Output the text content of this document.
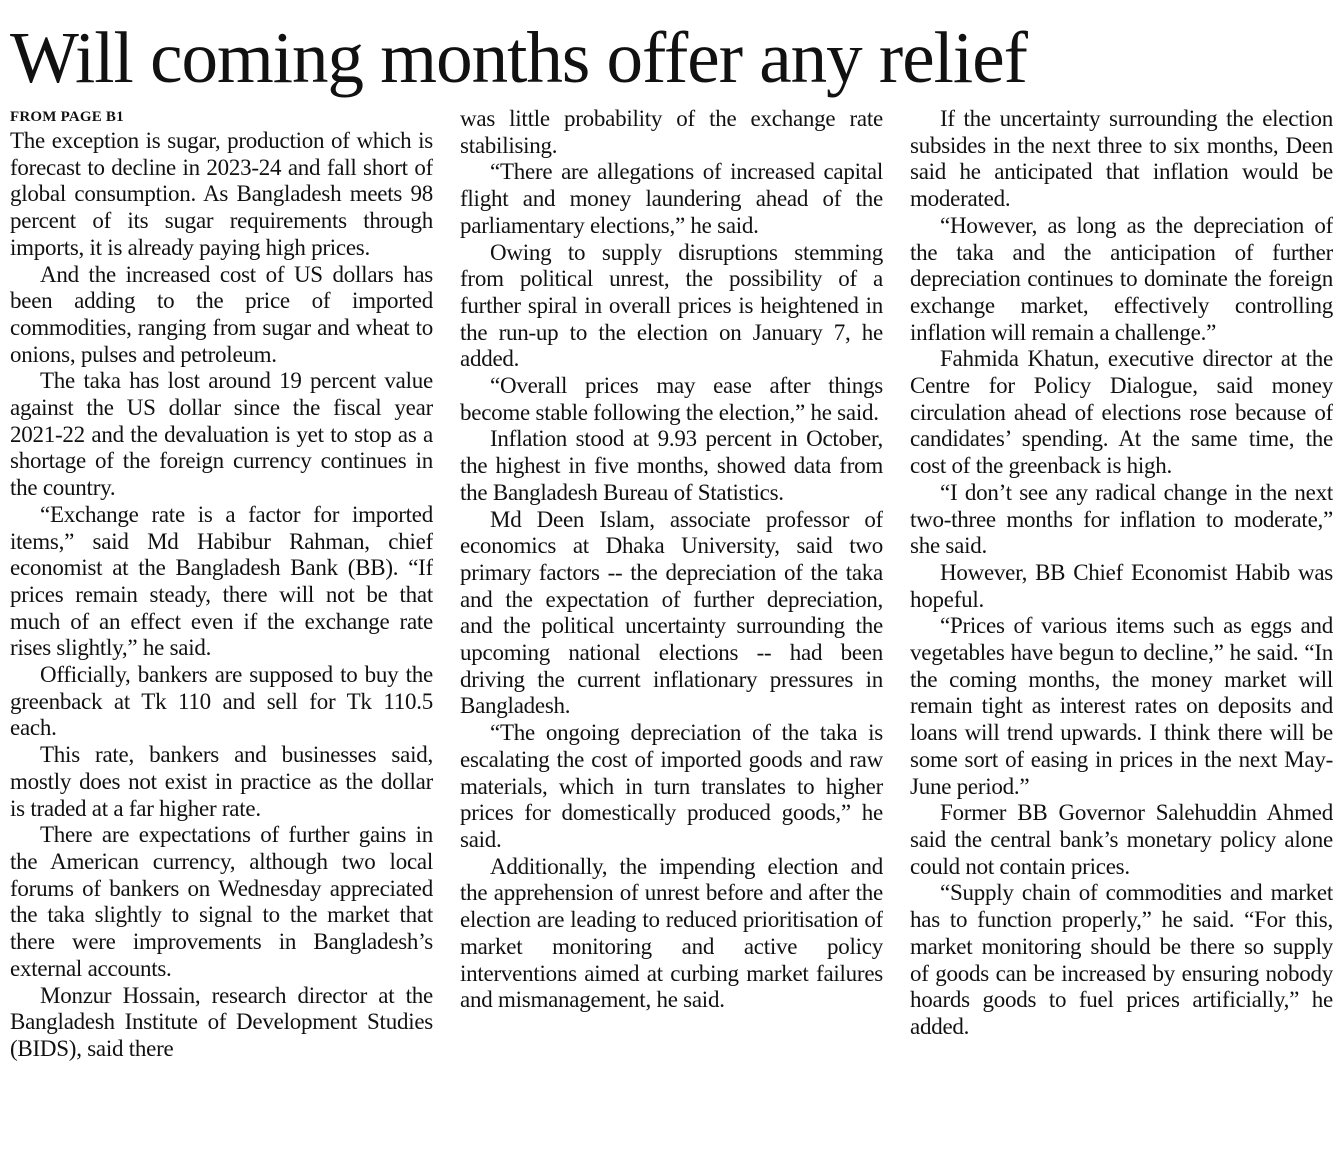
Will coming months offer any relief
FROM PAGE B1

The exception is sugar, production of which is forecast to decline in 2023-24 and fall short of global consumption. As Bangladesh meets 98 percent of its sugar requirements through imports, it is already paying high prices.

And the increased cost of US dollars has been adding to the price of imported commodities, ranging from sugar and wheat to onions, pulses and petroleum.

The taka has lost around 19 percent value against the US dollar since the fiscal year 2021-22 and the devaluation is yet to stop as a shortage of the foreign currency continues in the country.

“Exchange rate is a factor for imported items,” said Md Habibur Rahman, chief economist at the Bangladesh Bank (BB). “If prices remain steady, there will not be that much of an effect even if the exchange rate rises slightly,” he said.

Officially, bankers are supposed to buy the greenback at Tk 110 and sell for Tk 110.5 each.

This rate, bankers and businesses said, mostly does not exist in practice as the dollar is traded at a far higher rate.

There are expectations of further gains in the American currency, although two local forums of bankers on Wednesday appreciated the taka slightly to signal to the market that there were improvements in Bangladesh’s external accounts.

Monzur Hossain, research director at the Bangladesh Institute of Development Studies (BIDS), said there

was little probability of the exchange rate stabilising.

“There are allegations of increased capital flight and money laundering ahead of the parliamentary elections,” he said.

Owing to supply disruptions stemming from political unrest, the possibility of a further spiral in overall prices is heightened in the run-up to the election on January 7, he added.

“Overall prices may ease after things become stable following the election,” he said.

Inflation stood at 9.93 percent in October, the highest in five months, showed data from the Bangladesh Bureau of Statistics.

Md Deen Islam, associate professor of economics at Dhaka University, said two primary factors -- the depreciation of the taka and the expectation of further depreciation, and the political uncertainty surrounding the upcoming national elections -- had been driving the current inflationary pressures in Bangladesh.

“The ongoing depreciation of the taka is escalating the cost of imported goods and raw materials, which in turn translates to higher prices for domestically produced goods,” he said.

Additionally, the impending election and the apprehension of unrest before and after the election are leading to reduced prioritisation of market monitoring and active policy interventions aimed at curbing market failures and mismanagement, he said.

If the uncertainty surrounding the election subsides in the next three to six months, Deen said he anticipated that inflation would be moderated.

“However, as long as the depreciation of the taka and the anticipation of further depreciation continues to dominate the foreign exchange market, effectively controlling inflation will remain a challenge.”

Fahmida Khatun, executive director at the Centre for Policy Dialogue, said money circulation ahead of elections rose because of candidates’ spending. At the same time, the cost of the greenback is high.

“I don’t see any radical change in the next two-three months for inflation to moderate,” she said.

However, BB Chief Economist Habib was hopeful.

“Prices of various items such as eggs and vegetables have begun to decline,” he said. “In the coming months, the money market will remain tight as interest rates on deposits and loans will trend upwards. I think there will be some sort of easing in prices in the next May-June period.”

Former BB Governor Salehuddin Ahmed said the central bank’s monetary policy alone could not contain prices.

“Supply chain of commodities and market has to function properly,” he said. “For this, market monitoring should be there so supply of goods can be increased by ensuring nobody hoards goods to fuel prices artificially,” he added.
